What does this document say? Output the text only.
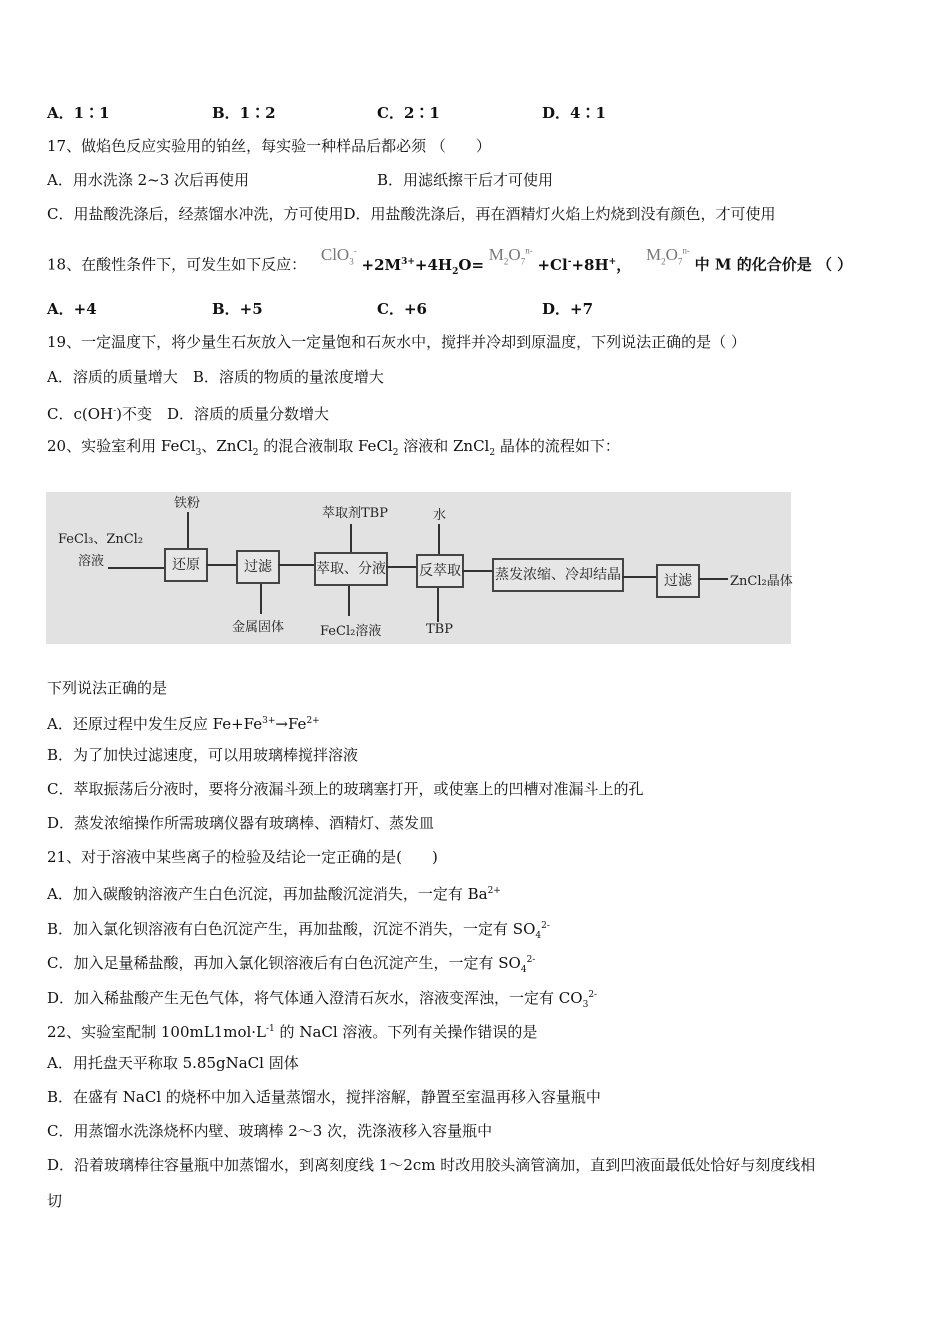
A．1∶1	B．1∶2	C．2∶1	D．4∶1
17、做焰色反应实验用的铂丝，每实验一种样品后都必须 （　　）
A．用水洗涤 2~3 次后再使用	B．用滤纸擦干后才可使用
C．用盐酸洗涤后，经蒸馏水冲洗，方可使用D．用盐酸洗涤后，再在酒精灯火焰上灼烧到没有颜色，才可使用
18、在酸性条件下，可发生如下反应： $ClO_3^- +2M^{3+}+4H_2O= M_2O_7^{n-} +Cl^-+8H^+$， $M_2O_7^{n-}$ 中 M 的化合价是 （ ）
A．+4	B．+5	C．+6	D．+7
19、一定温度下，将少量生石灰放入一定量饱和石灰水中，搅拌并冷却到原温度，下列说法正确的是（ ）
A．溶质的质量增大　B．溶质的物质的量浓度增大
C．c(OH-)不变　D．溶质的质量分数增大
20、实验室利用 FeCl$_3$、ZnCl$_2$ 的混合液制取 FeCl$_2$ 溶液和 ZnCl$_2$ 晶体的流程如下：
FeCl₃、ZnCl₂
溶液
铁粉
萃取剂TBP	水
还原	过滤	萃取、分液 反萃取 蒸发浓缩、冷却结晶	过滤	ZnCl₂晶体
金属固体	FeCl₂溶液	TBP
下列说法正确的是
A．还原过程中发生反应 $Fe+Fe^{3+}\to Fe^{2+}$
B．为了加快过滤速度，可以用玻璃棒搅拌溶液
C．萃取振荡后分液时，要将分液漏斗颈上的玻璃塞打开，或使塞上的凹槽对准漏斗上的孔
D．蒸发浓缩操作所需玻璃仪器有玻璃棒、酒精灯、蒸发皿
21、对于溶液中某些离子的检验及结论一定正确的是(　　)
A．加入碳酸钠溶液产生白色沉淀，再加盐酸沉淀消失，一定有 $Ba^{2+}$
B．加入氯化钡溶液有白色沉淀产生，再加盐酸，沉淀不消失，一定有 $SO_4^{2-}$
C．加入足量稀盐酸，再加入氯化钡溶液后有白色沉淀产生，一定有 $SO_4^{2-}$
D．加入稀盐酸产生无色气体，将气体通入澄清石灰水，溶液变浑浊，一定有 $CO_3^{2-}$
22、实验室配制 $100mL1mol\cdot L^{-1}$ 的 NaCl 溶液。下列有关操作错误的是
A．用托盘天平称取 5.85gNaCl 固体
B．在盛有 NaCl 的烧杯中加入适量蒸馏水，搅拌溶解，静置至室温再移入容量瓶中
C．用蒸馏水洗涤烧杯内壁、玻璃棒 2～3 次，洗涤液移入容量瓶中
D．沿着玻璃棒往容量瓶中加蒸馏水，到离刻度线 1～2cm 时改用胶头滴管滴加，直到凹液面最低处恰好与刻度线相
切
